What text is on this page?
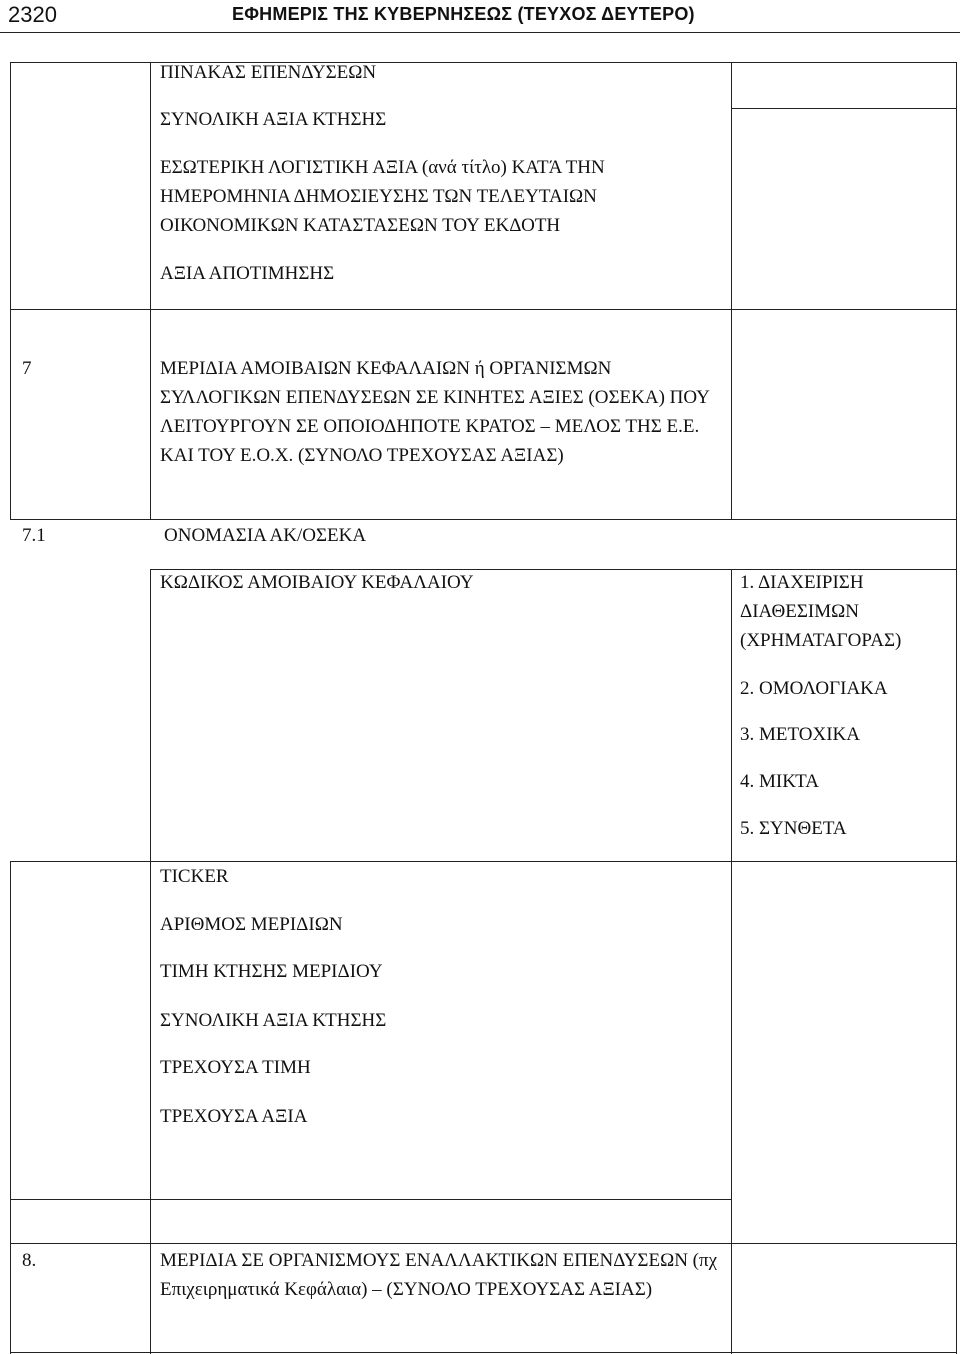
2320	ΕΦΗΜΕΡΙΣ ΤΗΣ ΚΥΒΕΡΝΗΣΕΩΣ (ΤΕΥΧΟΣ ΔΕΥΤΕΡΟ)
ΠΙΝΑΚΑΣ ΕΠΕΝΔΥΣΕΩΝ
ΣΥΝΟΛΙΚΗ ΑΞΙΑ ΚΤΗΣΗΣ
ΕΣΩΤΕΡΙΚΗ ΛΟΓΙΣΤΙΚΗ ΑΞΙΑ (ανά τίτλο) ΚΑΤΆ ΤΗΝ ΗΜΕΡΟΜΗΝΙΑ ΔΗΜΟΣΙΕΥΣΗΣ ΤΩΝ ΤΕΛΕΥΤΑΙΩΝ ΟΙΚΟΝΟΜΙΚΩΝ ΚΑΤΑΣΤΑΣΕΩΝ ΤΟΥ ΕΚΔΟΤΗ
ΑΞΙΑ ΑΠΟΤΙΜΗΣΗΣ
7	ΜΕΡΙΔΙΑ ΑΜΟΙΒΑΙΩΝ ΚΕΦΑΛΑΙΩΝ ή ΟΡΓΑΝΙΣΜΩΝ ΣΥΛΛΟΓΙΚΩΝ ΕΠΕΝΔΥΣΕΩΝ ΣΕ ΚΙΝΗΤΕΣ ΑΞΙΕΣ (ΟΣΕΚΑ) ΠΟΥ ΛΕΙΤΟΥΡΓΟΥΝ ΣΕ ΟΠΟΙΟΔΗΠΟΤΕ ΚΡΑΤΟΣ – ΜΕΛΟΣ ΤΗΣ Ε.Ε. ΚΑΙ ΤΟΥ Ε.Ο.Χ. (ΣΥΝΟΛΟ ΤΡΕΧΟΥΣΑΣ ΑΞΙΑΣ)
7.1	ΟΝΟΜΑΣΙΑ ΑΚ/ΟΣΕΚΑ
ΚΩΔΙΚΟΣ ΑΜΟΙΒΑΙΟΥ ΚΕΦΑΛΑΙΟΥ	1. ΔΙΑΧΕΙΡΙΣΗ ΔΙΑΘΕΣΙΜΩΝ (ΧΡΗΜΑΤΑΓΟΡΑΣ)
2. ΟΜΟΛΟΓΙΑΚΑ
3. ΜΕΤΟΧΙΚΑ
4. ΜΙΚΤΑ
5. ΣΥΝΘΕΤΑ
TICKER
ΑΡΙΘΜΟΣ ΜΕΡΙΔΙΩΝ
ΤΙΜΗ ΚΤΗΣΗΣ ΜΕΡΙΔΙΟΥ
ΣΥΝΟΛΙΚΗ ΑΞΙΑ ΚΤΗΣΗΣ
ΤΡΕΧΟΥΣΑ ΤΙΜΗ
ΤΡΕΧΟΥΣΑ ΑΞΙΑ
8.	ΜΕΡΙΔΙΑ ΣΕ ΟΡΓΑΝΙΣΜΟΥΣ ΕΝΑΛΛΑΚΤΙΚΩΝ ΕΠΕΝΔΥΣΕΩΝ (πχ Επιχειρηματικά Κεφάλαια) – (ΣΥΝΟΛΟ ΤΡΕΧΟΥΣΑΣ ΑΞΙΑΣ)
